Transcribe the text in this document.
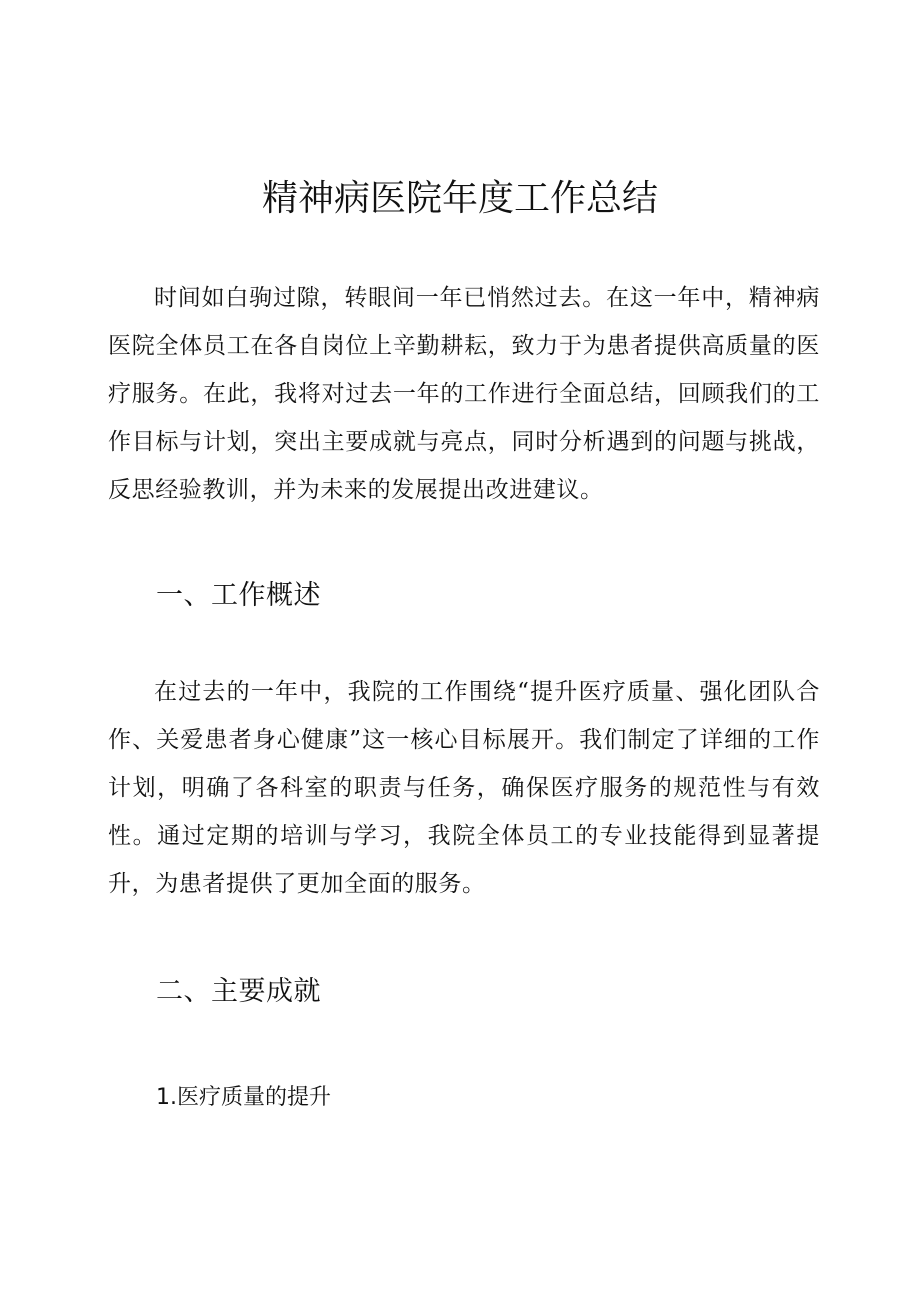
精神病医院年度工作总结

时间如白驹过隙，转眼间一年已悄然过去。在这一年中，精神病医院全体员工在各自岗位上辛勤耕耘，致力于为患者提供高质量的医疗服务。在此，我将对过去一年的工作进行全面总结，回顾我们的工作目标与计划，突出主要成就与亮点，同时分析遇到的问题与挑战，反思经验教训，并为未来的发展提出改进建议。

一、工作概述

在过去的一年中，我院的工作围绕“提升医疗质量、强化团队合作、关爱患者身心健康”这一核心目标展开。我们制定了详细的工作计划，明确了各科室的职责与任务，确保医疗服务的规范性与有效性。通过定期的培训与学习，我院全体员工的专业技能得到显著提升，为患者提供了更加全面的服务。

二、主要成就
1.医疗质量的提升
